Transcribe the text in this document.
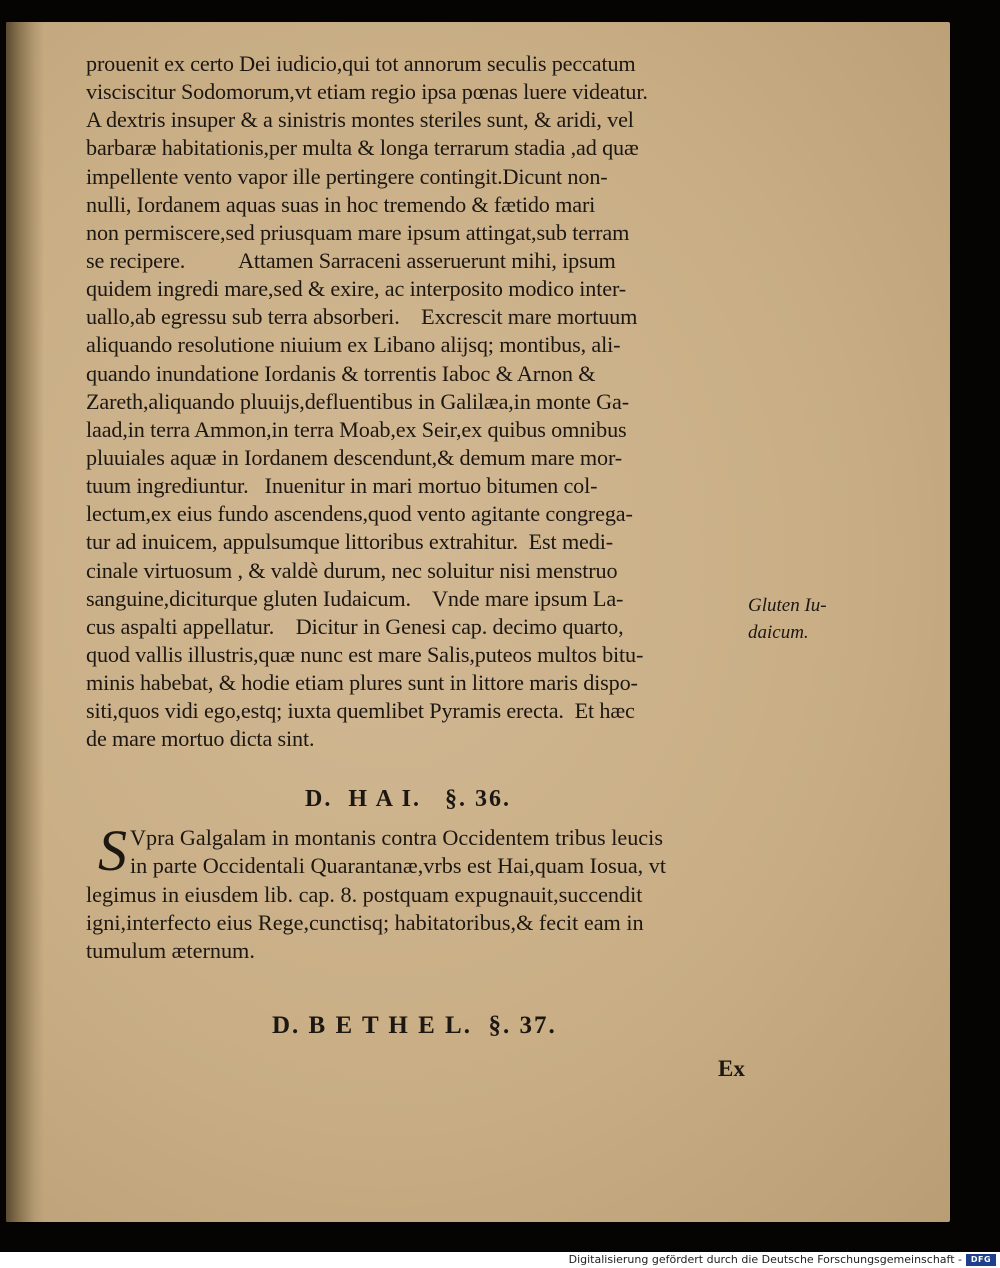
prouenit ex certo Dei iudicio,qui tot annorum seculis peccatum
visciscitur Sodomorum,vt etiam regio ipsa pœnas luere videatur.
A dextris insuper & a sinistris montes steriles sunt, & aridi, vel
barbaræ habitationis,per multa & longa terrarum stadia ,ad quæ
impellente vento vapor ille pertingere contingit.Dicunt non-
nulli, Iordanem aquas suas in hoc tremendo & fætido mari
non permiscere,sed priusquam mare ipsum attingat,sub terram
se recipere.          Attamen Sarraceni asseruerunt mihi, ipsum
quidem ingredi mare,sed & exire, ac interposito modico inter-
uallo,ab egressu sub terra absorberi.    Excrescit mare mortuum
aliquando resolutione niuium ex Libano alijsq; montibus, ali-
quando inundatione Iordanis & torrentis Iaboc & Arnon &
Zareth,aliquando pluuijs,defluentibus in Galilæa,in monte Ga-
laad,in terra Ammon,in terra Moab,ex Seir,ex quibus omnibus
pluuiales aquæ in Iordanem descendunt,& demum mare mor-
tuum ingrediuntur.   Inuenitur in mari mortuo bitumen col-
lectum,ex eius fundo ascendens,quod vento agitante congrega-
tur ad inuicem, appulsumque littoribus extrahitur.  Est medi-
cinale virtuosum , & valdè durum, nec soluitur nisi menstruo
sanguine,diciturque gluten Iudaicum.    Vnde mare ipsum La-
cus aspalti appellatur.    Dicitur in Genesi cap. decimo quarto,
quod vallis illustris,quæ nunc est mare Salis,puteos multos bitu-
minis habebat, & hodie etiam plures sunt in littore maris dispo-
siti,quos vidi ego,estq; iuxta quemlibet Pyramis erecta.  Et hæc
de mare mortuo dicta sint.
Gluten Iu-
daicum.
D.  H A I.   §. 36.
S Vpra Galgalam in montanis contra Occidentem tribus leucis
in parte Occidentali Quarantanæ,vrbs est Hai,quam Iosua, vt
legimus in eiusdem lib. cap. 8. postquam expugnauit,succendit
igni,interfecto eius Rege,cunctisq; habitatoribus,& fecit eam in
tumulum æternum.
D. B E T H E L.  §. 37.
Ex
Digitalisierung gefördert durch die Deutsche Forschungsgemeinschaft -	DFG
